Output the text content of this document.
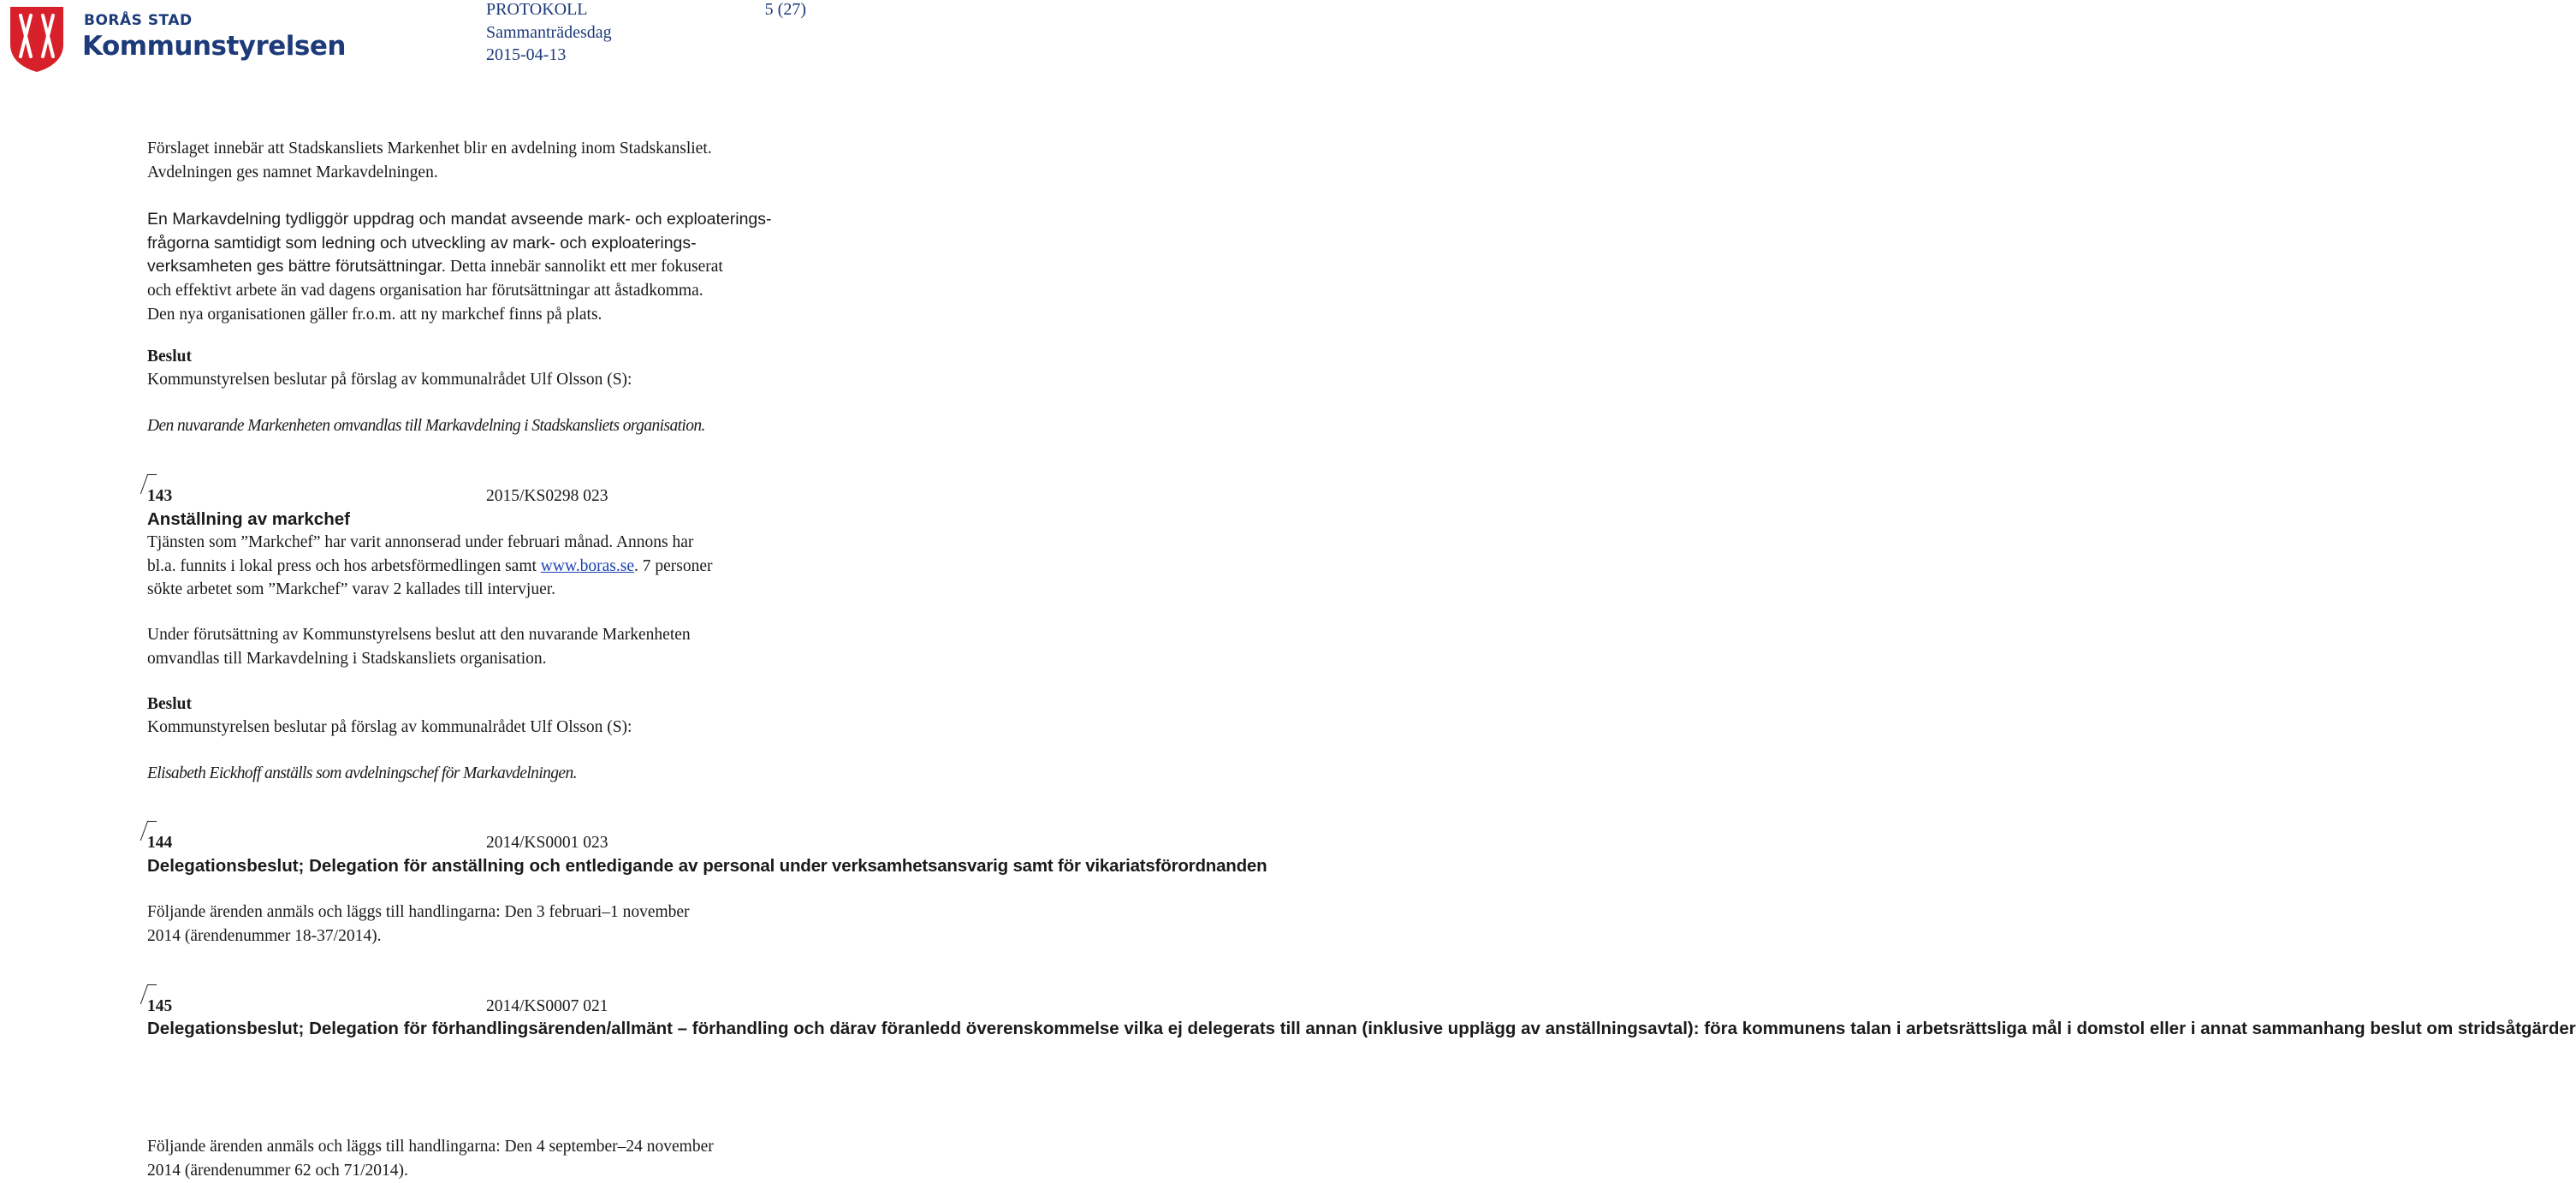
BORÅS STAD
Kommunstyrelsen
PROTOKOLL	5 (27)
Sammanträdesdag
2015-04-13
Förslaget innebär att Stadskansliets Markenhet blir en avdelning inom Stadskansliet.
Avdelningen ges namnet Markavdelningen.
En Markavdelning tydliggör uppdrag och mandat avseende mark- och exploaterings-
frågorna samtidigt som ledning och utveckling av mark- och exploaterings-
verksamheten ges bättre förutsättningar. Detta innebär sannolikt ett mer fokuserat
och effektivt arbete än vad dagens organisation har förutsättningar att åstadkomma.
Den nya organisationen gäller fr.o.m. att ny markchef finns på plats.
Beslut
Kommunstyrelsen beslutar på förslag av kommunalrådet Ulf Olsson (S):
Den nuvarande Markenheten omvandlas till Markavdelning i Stadskansliets organisation.
143	2015/KS0298 023
Anställning av markchef
Tjänsten som ”Markchef” har varit annonserad under februari månad. Annons har
bl.a. funnits i lokal press och hos arbetsförmedlingen samt www.boras.se. 7 personer
sökte arbetet som ”Markchef” varav 2 kallades till intervjuer.
Under förutsättning av Kommunstyrelsens beslut att den nuvarande Markenheten
omvandlas till Markavdelning i Stadskansliets organisation.
Beslut
Kommunstyrelsen beslutar på förslag av kommunalrådet Ulf Olsson (S):
Elisabeth Eickhoff anställs som avdelningschef för Markavdelningen.
144	2014/KS0001 023
Delegationsbeslut; Delegation för anställning och entledigande av personal under verksamhetsansvarig samt för vikariatsförordnanden
Följande ärenden anmäls och läggs till handlingarna: Den 3 februari–1 november
2014 (ärendenummer 18-37/2014).
145	2014/KS0007 021
Delegationsbeslut; Delegation för förhandlingsärenden/allmänt – förhandling och därav föranledd överenskommelse vilka ej delegerats till annan (inklusive upplägg av anställningsavtal): föra kommunens talan i arbetsrättsliga mål i domstol eller i annat sammanhang beslut om stridsåtgärder
Följande ärenden anmäls och läggs till handlingarna: Den 4 september–24 november
2014 (ärendenummer 62 och 71/2014).
